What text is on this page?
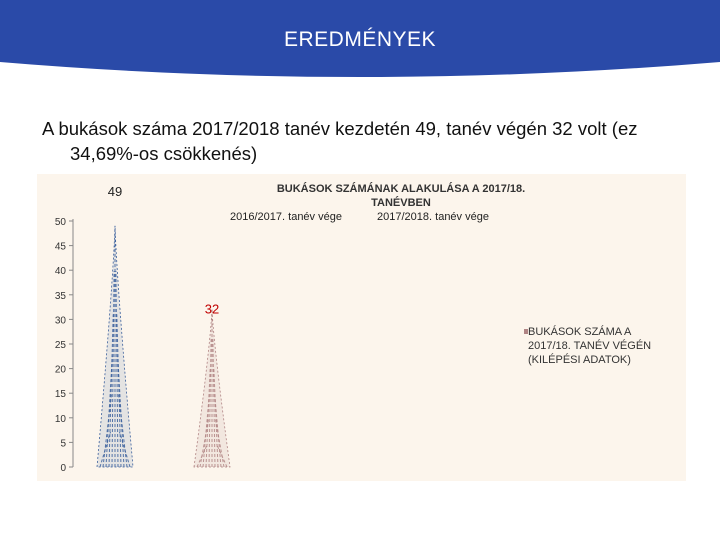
EREDMÉNYEK
A bukások száma 2017/2018 tanév kezdetén 49, tanév végén 32 volt (ez 34,69%-os csökkenés)
0
5
10
15
20
25
30
35
40
45
50
49
32
BUKÁSOK SZÁMÁNAK ALAKULÁSA A 2017/18.
TANÉVBEN
2016/2017. tanév vége	2017/2018. tanév vége
BUKÁSOK SZÁMA A
2017/18. TANÉV VÉGÉN
(KILÉPÉSI ADATOK)
